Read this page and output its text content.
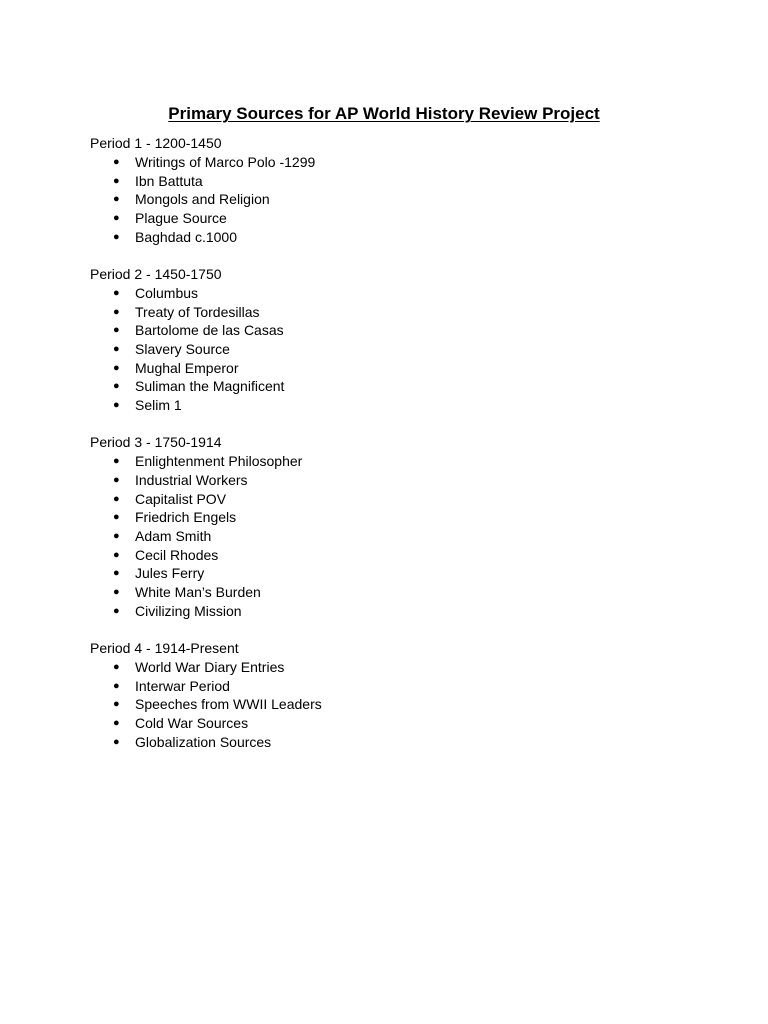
Primary Sources for AP World History Review Project
Period 1 - 1200-1450
● Writings of Marco Polo -1299
● Ibn Battuta
● Mongols and Religion
● Plague Source
● Baghdad c.1000
Period 2 - 1450-1750
● Columbus
● Treaty of Tordesillas
● Bartolome de las Casas
● Slavery Source
● Mughal Emperor
● Suliman the Magnificent
● Selim 1
Period 3 - 1750-1914
● Enlightenment Philosopher
● Industrial Workers
● Capitalist POV
● Friedrich Engels
● Adam Smith
● Cecil Rhodes
● Jules Ferry
● White Man’s Burden
● Civilizing Mission
Period 4 - 1914-Present
● World War Diary Entries
● Interwar Period
● Speeches from WWII Leaders
● Cold War Sources
● Globalization Sources
